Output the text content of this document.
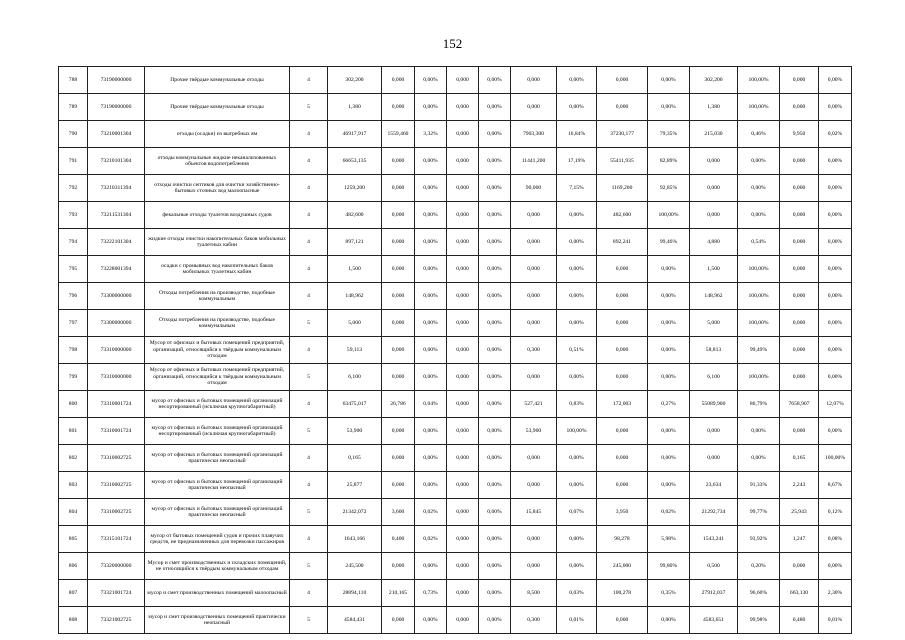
152
788	73190000000	Прочие твёрдые коммунальные отходы	4	302,200	0,000	0,00%	0,000	0,00%	0,000	0,00%	0,000	0,00%	302,200	100,00%	0,000	0,00%
789	73190000000	Прочие твёрдые коммунальные отходы	5	1,380	0,000	0,00%	0,000	0,00%	0,000	0,00%	0,000	0,00%	1,380	100,00%	0,000	0,00%
790	73210001304	отходы (осадки) из выгребных ям	4	46917,917	1559,460	3,32%	0,000	0,00%	7903,300	16,84%	37230,177	79,35%	215,030	0,46%	9,950	0,02%
791	73210101304	отходы коммунальные жидкие неканализованных объектов водопотребления	4	66653,135	0,000	0,00%	0,000	0,00%	11441,200	17,19%	55411,935	82,89%	0,000	0,00%	0,000	0,00%
792	73210311394	отходы очистки септиков для очистки хозяйственно-бытовых сточных вод малоопасные	4	1259,200	0,000	0,00%	0,000	0,00%	90,000	7,15%	1169,200	92,85%	0,000	0,00%	0,000	0,00%
793	73211531304	фекальные отходы туалетов воздушных судов	4	482,600	0,000	0,00%	0,000	0,00%	0,000	0,00%	482,600	100,00%	0,000	0,00%	0,000	0,00%
794	73222101304	жидкие отходы очистки накопительных баков мобильных туалетных кабин	4	897,121	0,000	0,00%	0,000	0,00%	0,000	0,00%	892,241	99,46%	4,880	0,54%	0,000	0,00%
795	73228001394	осадки с промывных вод накопительных баков мобильных туалетных кабин	4	1,500	0,000	0,00%	0,000	0,00%	0,000	0,00%	0,000	0,00%	1,500	100,00%	0,000	0,00%
796	73300000000	Отходы потребления на производстве, подобные коммунальным	4	148,962	0,000	0,00%	0,000	0,00%	0,000	0,00%	0,000	0,00%	148,962	100,00%	0,000	0,00%
797	73300000000	Отходы потребления на производстве, подобные коммунальным	5	5,000	0,000	0,00%	0,000	0,00%	0,000	0,00%	0,000	0,00%	5,000	100,00%	0,000	0,00%
798	73310000000	Мусор от офисных и бытовых помещений предприятий, организаций, относящийся к твёрдым коммунальным отходам	4	59,113	0,000	0,00%	0,000	0,00%	0,300	0,51%	0,000	0,00%	58,813	99,49%	0,000	0,00%
799	73310000000	Мусор от офисных и бытовых помещений предприятий, организаций, относящийся к твёрдым коммунальным отходам	5	6,100	0,000	0,00%	0,000	0,00%	0,000	0,00%	0,000	0,00%	6,100	100,00%	0,000	0,00%
800	73310001724	мусор от офисных и бытовых помещений организаций несортированный (исключая крупногабаритный)	4	63475,017	26,786	0,04%	0,000	0,00%	527,421	0,83%	172,003	0,27%	55089,900	86,79%	7658,907	12,07%
801	73310001724	мусор от офисных и бытовых помещений организаций несортированный (исключая крупногабаритный)	5	53,900	0,000	0,00%	0,000	0,00%	53,900	100,00%	0,000	0,00%	0,000	0,00%	0,000	0,00%
802	73310002725	мусор от офисных и бытовых помещений организаций практически неопасный	4	0,165	0,000	0,00%	0,000	0,00%	0,000	0,00%	0,000	0,00%	0,000	0,00%	0,165	100,00%
803	73310002725	мусор от офисных и бытовых помещений организаций практически неопасный	4	25,877	0,000	0,00%	0,000	0,00%	0,000	0,00%	0,000	0,00%	23,634	91,33%	2,243	8,67%
804	73310002725	мусор от офисных и бытовых помещений организаций практически неопасный	5	21342,072	3,600	0,02%	0,000	0,00%	15,845	0,07%	3,950	0,02%	21292,734	99,77%	25,943	0,12%
805	73315101724	мусор от бытовых помещений судов и прочих плавучих средств, не предназначенных для перевозки пассажиров	4	1643,166	0,400	0,02%	0,000	0,00%	0,000	0,00%	98,278	5,98%	1543,241	93,92%	1,247	0,08%
806	73320000000	Мусор и смет производственных и складских помещений, не относящийся к твёрдым коммунальным отходам	5	245,500	0,000	0,00%	0,000	0,00%	0,000	0,00%	245,000	99,80%	0,500	0,20%	0,000	0,00%
807	73321001724	мусор и смет производственных помещений малоопасный	4	28894,110	210,165	0,73%	0,000	0,00%	8,500	0,03%	100,278	0,35%	27912,037	96,60%	663,130	2,30%
808	73321002725	мусор и смет производственных помещений практически неопасный	5	4584,431	0,000	0,00%	0,000	0,00%	0,300	0,01%	0,000	0,00%	4583,651	99,98%	0,480	0,01%
